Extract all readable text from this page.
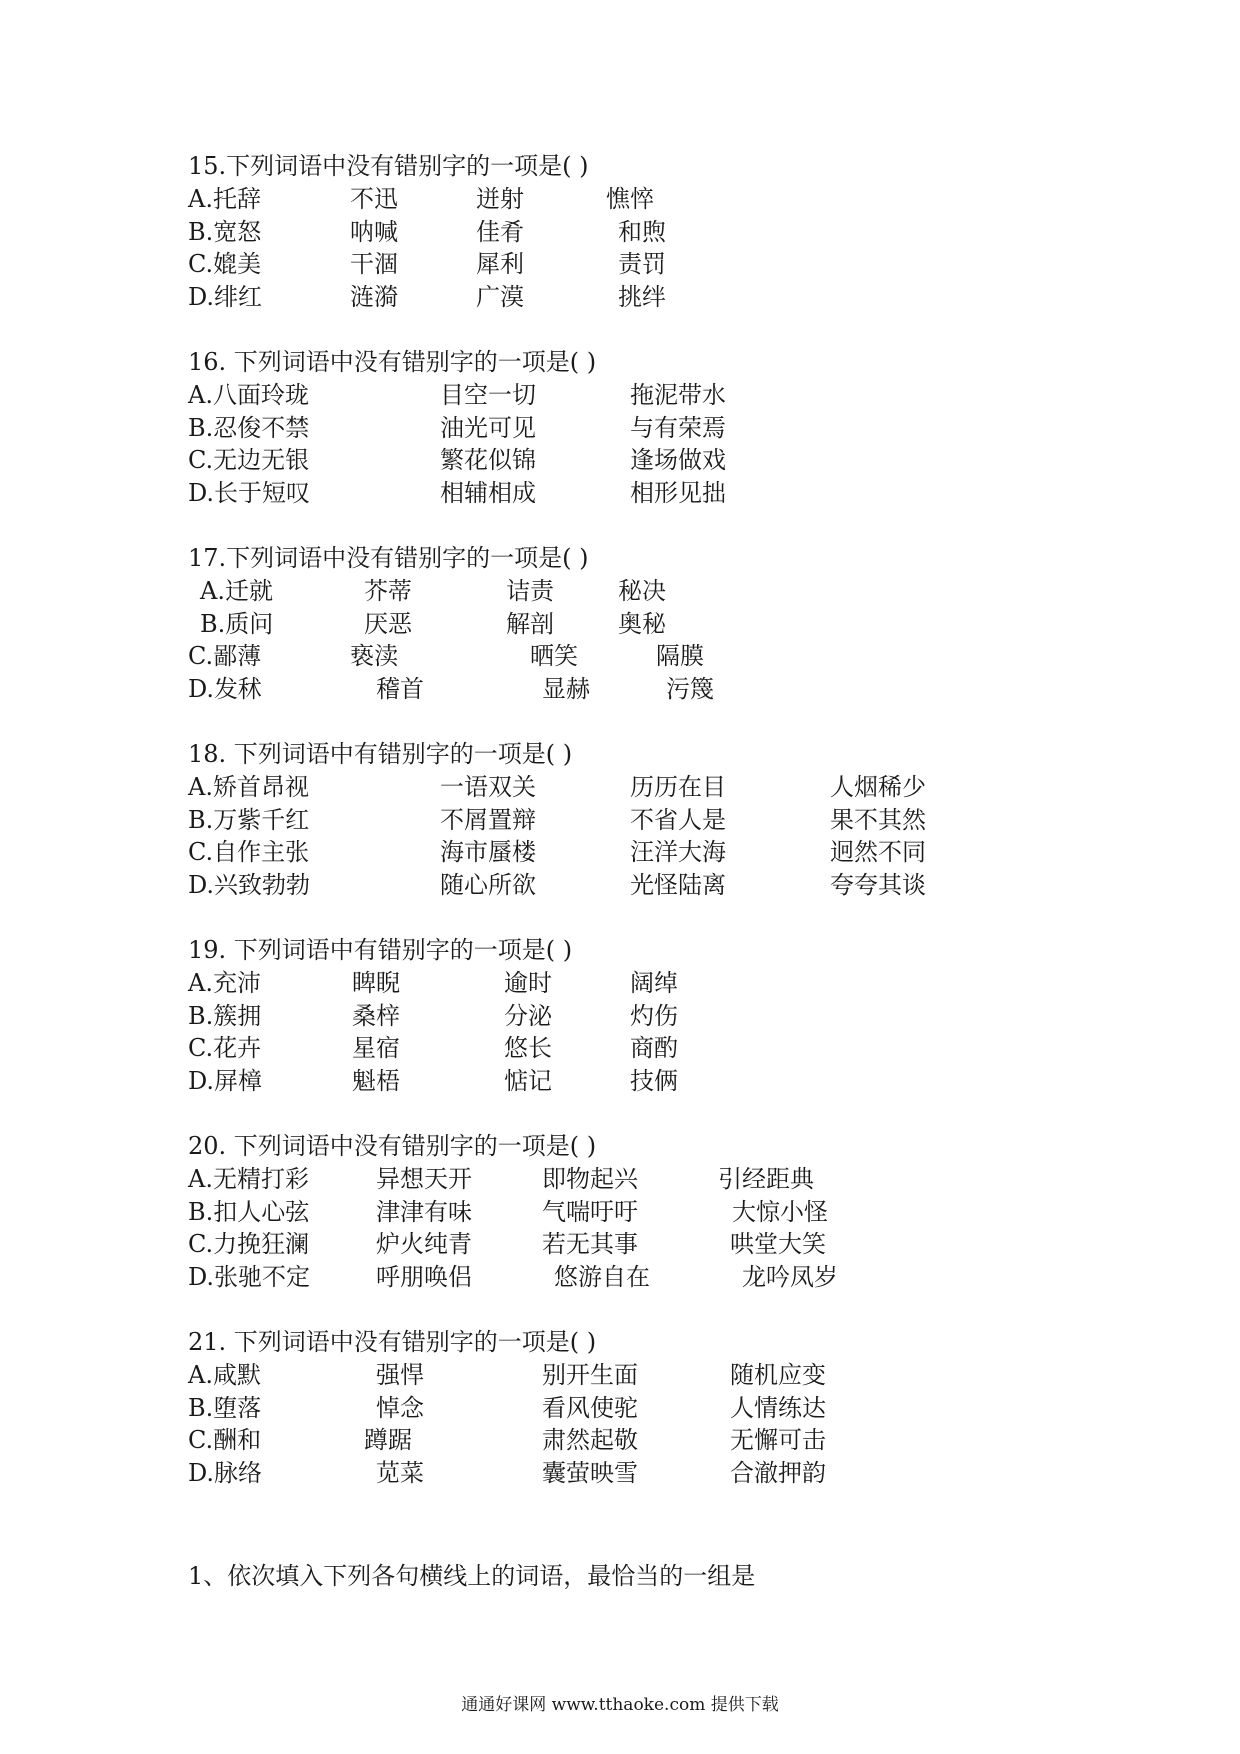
15.下列词语中没有错别字的一项是( )
A.托辞	不迅	迸射	憔悴
B.宽怒	呐喊	佳肴	和煦
C.媲美	干涸	犀利	责罚
D.绯红	涟漪	广漠	挑绊
16. 下列词语中没有错别字的一项是( )
A.八面玲珑	目空一切	拖泥带水
B.忍俊不禁	油光可见	与有荣焉
C.无边无银	繁花似锦	逢场做戏
D.长于短叹	相辅相成	相形见拙
17.下列词语中没有错别字的一项是( )
A.迁就	芥蒂	诘责	秘决
B.质问	厌恶	解剖	奥秘
C.鄙薄	亵渎	晒笑	隔膜
D.发秫	稽首	显赫	污篾
18. 下列词语中有错别字的一项是( )
A.矫首昂视	一语双关	历历在目	人烟稀少
B.万紫千红	不屑置辩	不省人是	果不其然
C.自作主张	海市蜃楼	汪洋大海	迥然不同
D.兴致勃勃	随心所欲	光怪陆离	夸夸其谈
19. 下列词语中有错别字的一项是( )
A.充沛	睥睨	逾时	阔绰
B.簇拥	桑梓	分泌	灼伤
C.花卉	星宿	悠长	商酌
D.屏樟	魁梧	惦记	技俩
20. 下列词语中没有错别字的一项是( )
A.无精打彩	异想天开	即物起兴	引经距典
B.扣人心弦	津津有味	气喘吁吁	大惊小怪
C.力挽狂澜	炉火纯青	若无其事	哄堂大笑
D.张驰不定	呼朋唤侣	悠游自在	龙吟凤岁
21. 下列词语中没有错别字的一项是( )
A.咸默	强悍	别开生面	随机应变
B.堕落	悼念	看风使驼	人情练达
C.酬和	蹲踞	肃然起敬	无懈可击
D.脉络	苋菜	囊萤映雪	合澈押韵
1、依次填入下列各句横线上的词语，最恰当的一组是
通通好课网 www.tthaoke.com 提供下载
